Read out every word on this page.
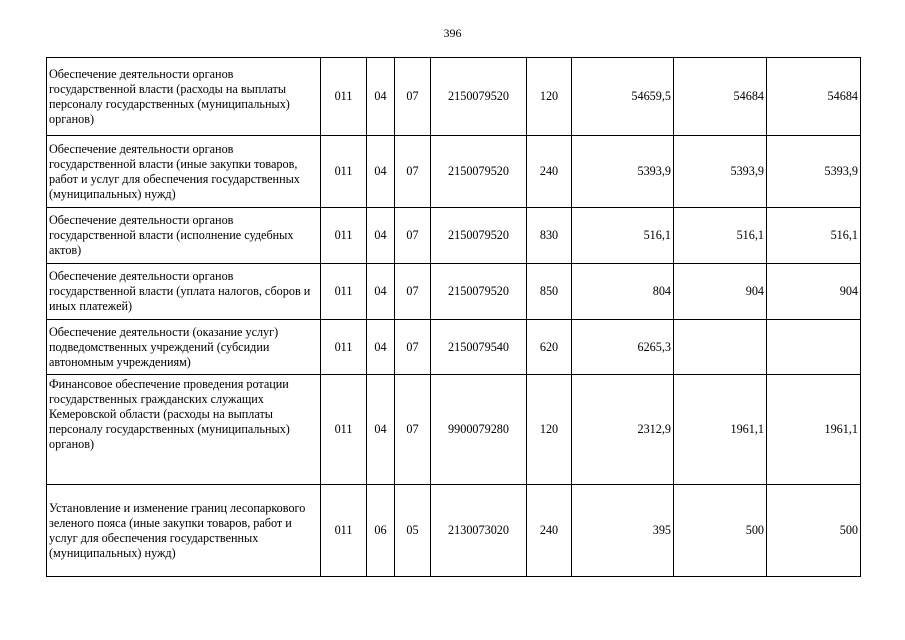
396
Обеспечение деятельности органов государственной власти (расходы на выплаты персоналу государственных (муниципальных) органов)	011	04	07	2150079520	120	54659,5	54684	54684
Обеспечение деятельности органов государственной власти (иные закупки товаров, работ и услуг для обеспечения государственных (муниципальных) нужд)	011	04	07	2150079520	240	5393,9	5393,9	5393,9
Обеспечение деятельности органов государственной власти (исполнение судебных актов)	011	04	07	2150079520	830	516,1	516,1	516,1
Обеспечение деятельности органов государственной власти (уплата налогов, сборов и иных платежей)	011	04	07	2150079520	850	804	904	904
Обеспечение деятельности (оказание услуг) подведомственных учреждений (субсидии автономным учреждениям)	011	04	07	2150079540	620	6265,3		
Финансовое обеспечение проведения ротации государственных гражданских служащих Кемеровской области (расходы на выплаты персоналу государственных (муниципальных) органов)	011	04	07	9900079280	120	2312,9	1961,1	1961,1
Установление и изменение границ лесопаркового зеленого пояса (иные закупки товаров, работ и услуг для обеспечения государственных (муниципальных) нужд)	011	06	05	2130073020	240	395	500	500
